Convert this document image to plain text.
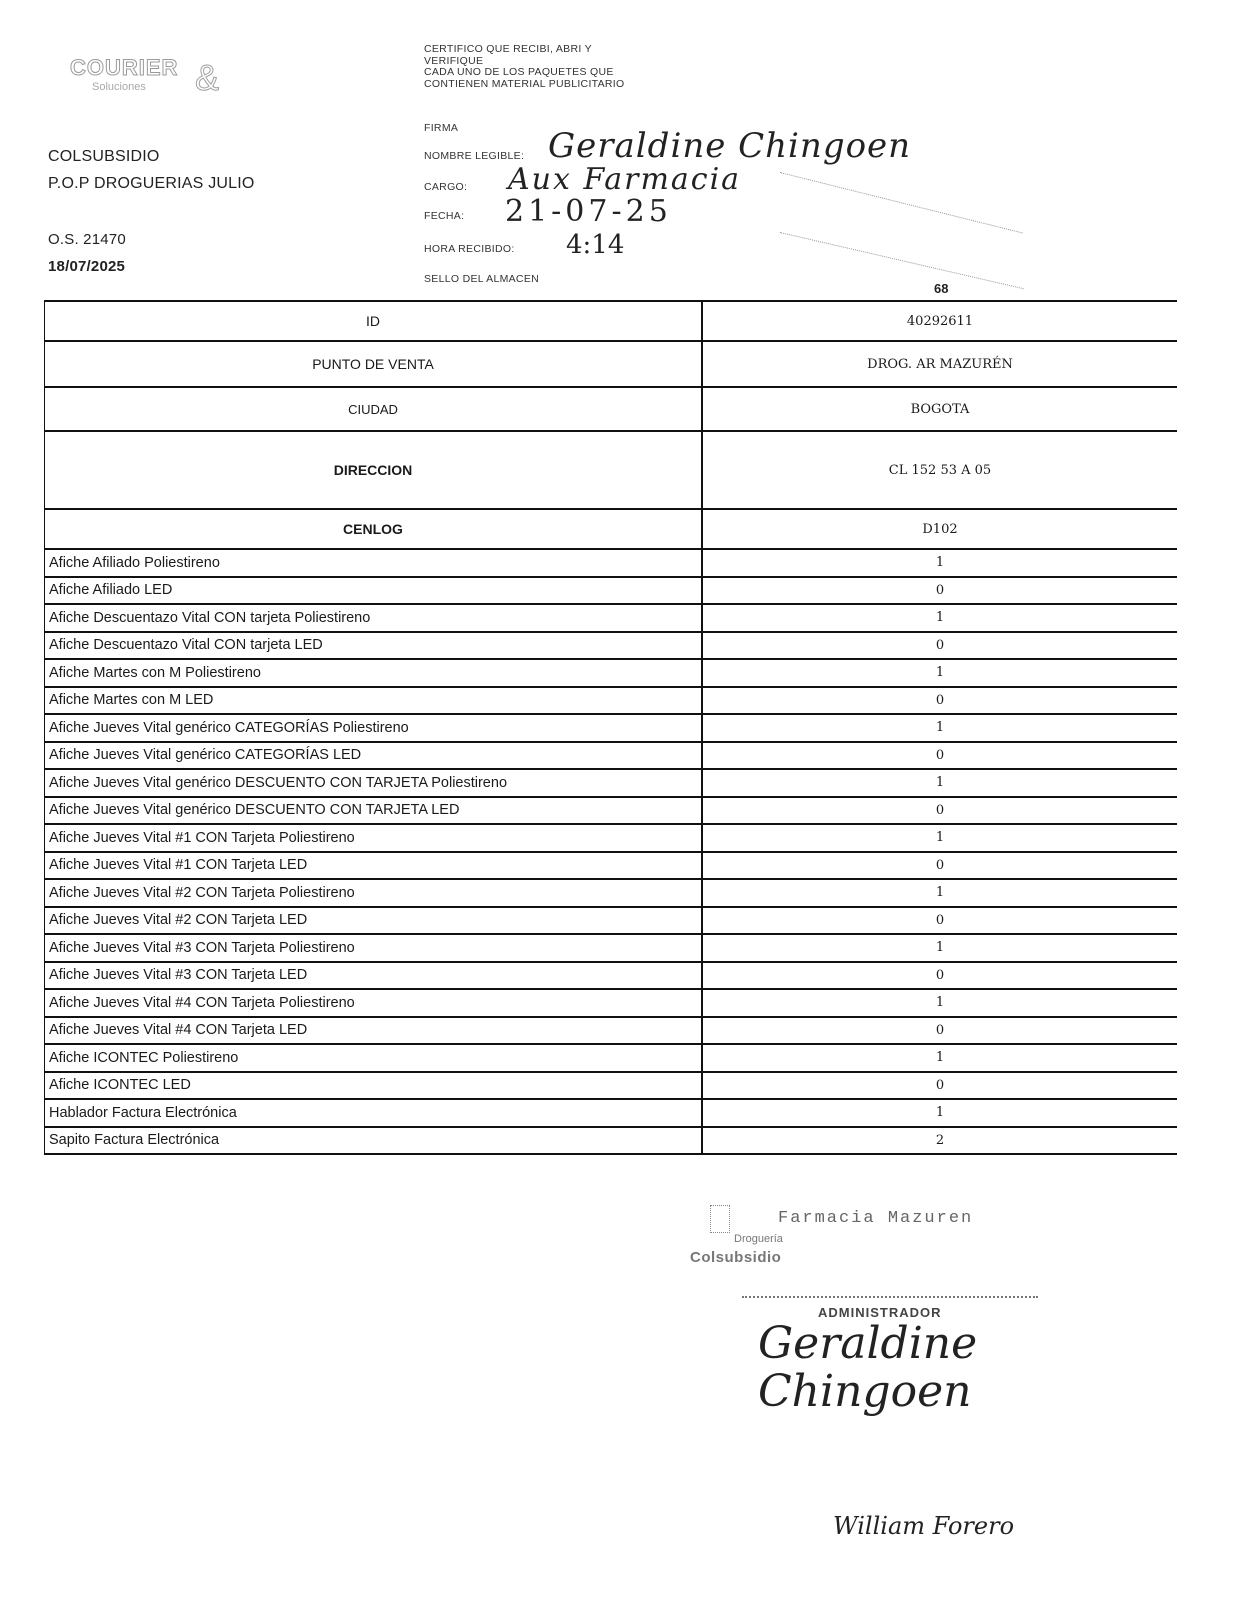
COURIER
Soluciones	&
COLSUBSIDIO
P.O.P DROGUERIAS JULIO
O.S. 21470
18/07/2025
CERTIFICO QUE RECIBI, ABRI Y
VERIFIQUE
CADA UNO DE LOS PAQUETES QUE
CONTIENEN MATERIAL PUBLICITARIO
FIRMA
NOMBRE LEGIBLE: Geraldine Chingoen
CARGO: Aux Farmacia
FECHA: 21-07-25
HORA RECIBIDO: 4:14
SELLO DEL ALMACEN
68
ID	40292611
PUNTO DE VENTA	DROG. AR MAZURÉN
CIUDAD	BOGOTA
DIRECCION	CL 152 53 A 05
CENLOG	D102
Afiche Afiliado Poliestireno	1
Afiche Afiliado LED	0
Afiche Descuentazo Vital CON tarjeta Poliestireno	1
Afiche Descuentazo Vital CON tarjeta LED	0
Afiche Martes con M Poliestireno	1
Afiche Martes con M LED	0
Afiche Jueves Vital genérico CATEGORÍAS Poliestireno	1
Afiche Jueves Vital genérico CATEGORÍAS LED	0
Afiche Jueves Vital genérico DESCUENTO CON TARJETA Poliestireno	1
Afiche Jueves Vital genérico DESCUENTO CON TARJETA LED	0
Afiche Jueves Vital #1 CON Tarjeta Poliestireno	1
Afiche Jueves Vital #1 CON Tarjeta LED	0
Afiche Jueves Vital #2 CON Tarjeta Poliestireno	1
Afiche Jueves Vital #2 CON Tarjeta LED	0
Afiche Jueves Vital #3 CON Tarjeta Poliestireno	1
Afiche Jueves Vital #3 CON Tarjeta LED	0
Afiche Jueves Vital #4 CON Tarjeta Poliestireno	1
Afiche Jueves Vital #4 CON Tarjeta LED	0
Afiche ICONTEC Poliestireno	1
Afiche ICONTEC LED	0
Hablador Factura Electrónica	1
Sapito Factura Electrónica	2
Farmacia Mazuren
Droguería
Colsubsidio
ADMINISTRADOR
Geraldine Chingoen
William Forero
